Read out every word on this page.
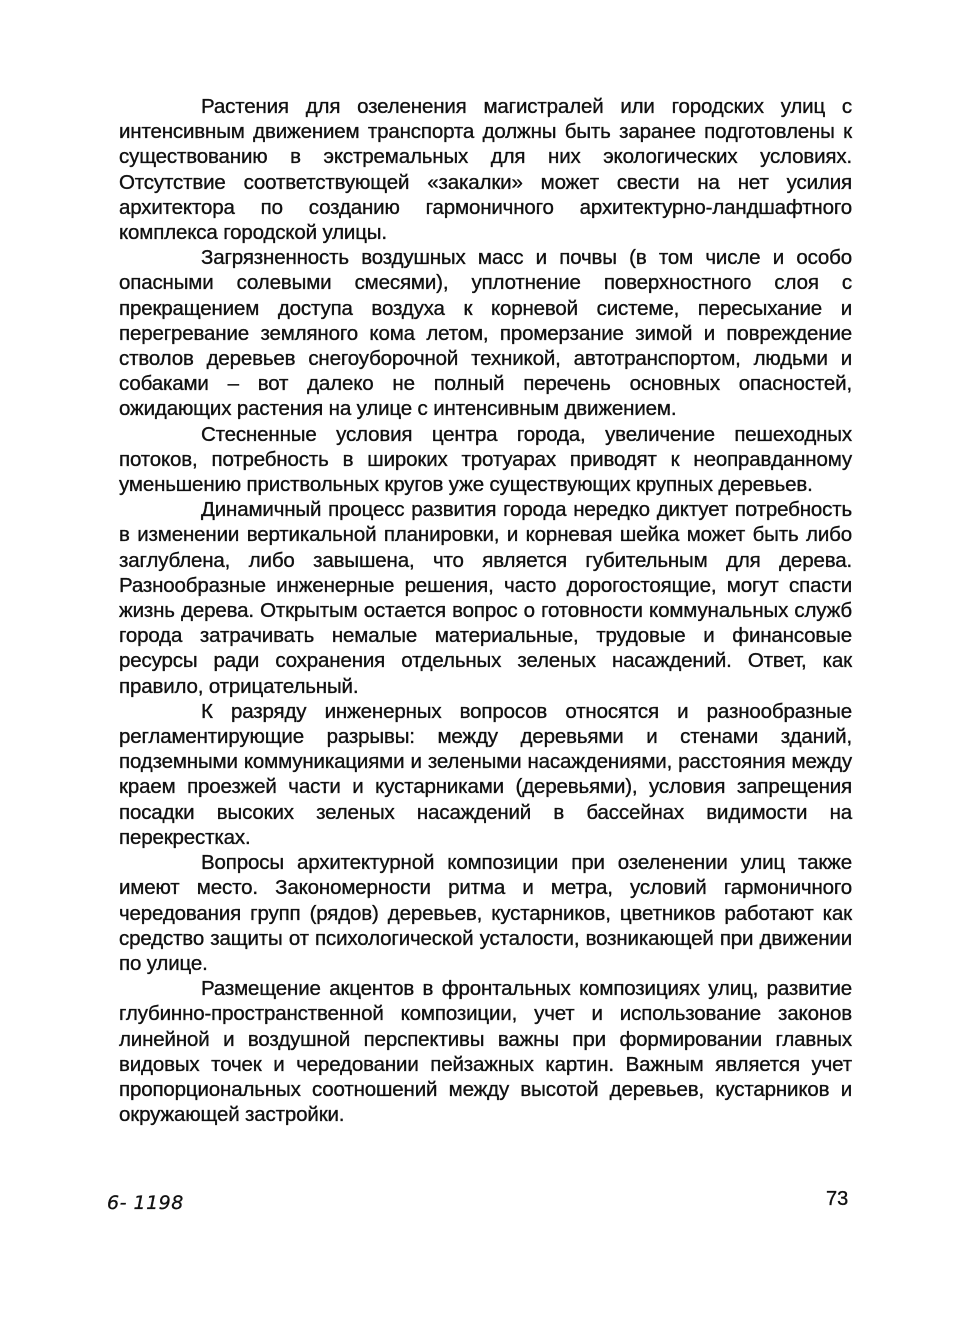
Растения для озеленения магистралей или городских улиц с интенсивным движением транспорта должны быть заранее подготовлены к существованию в экстремальных для них экологических условиях. Отсутствие соответствующей «закалки» может свести на нет усилия архитектора по созданию гармоничного архитектурно-ландшафтного комплекса городской улицы.

Загрязненность воздушных масс и почвы (в том числе и особо опасными солевыми смесями), уплотнение поверхностного слоя с прекращением доступа воздуха к корневой системе, пересыхание и перегревание земляного кома летом, промерзание зимой и повреждение стволов деревьев снегоуборочной техникой, автотранспортом, людьми и собаками – вот далеко не полный перечень основных опасностей, ожидающих растения на улице с интенсивным движением.

Стесненные условия центра города, увеличение пешеходных потоков, потребность в широких тротуарах приводят к неоправданному уменьшению приствольных кругов уже существующих крупных деревьев.

Динамичный процесс развития города нередко диктует потребность в изменении вертикальной планировки, и корневая шейка может быть либо заглублена, либо завышена, что является губительным для дерева. Разнообразные инженерные решения, часто дорогостоящие, могут спасти жизнь дерева. Открытым остается вопрос о готовности коммунальных служб города затрачивать немалые материальные, трудовые и финансовые ресурсы ради сохранения отдельных зеленых насаждений. Ответ, как правило, отрицательный.

К разряду инженерных вопросов относятся и разнообразные регламентирующие разрывы: между деревьями и стенами зданий, подземными коммуникациями и зелеными насаждениями, расстояния между краем проезжей части и кустарниками (деревьями), условия запрещения посадки высоких зеленых насаждений в бассейнах видимости на перекрестках.

Вопросы архитектурной композиции при озеленении улиц также имеют место. Закономерности ритма и метра, условий гармоничного чередования групп (рядов) деревьев, кустарников, цветников работают как средство защиты от психологической усталости, возникающей при движении по улице.

Размещение акцентов в фронтальных композициях улиц, развитие глубинно-пространственной композиции, учет и использование законов линейной и воздушной перспективы важны при формировании главных видовых точек и чередовании пейзажных картин. Важным является учет пропорциональных соотношений между высотой деревьев, кустарников и окружающей застройки.

6- 1198	73
